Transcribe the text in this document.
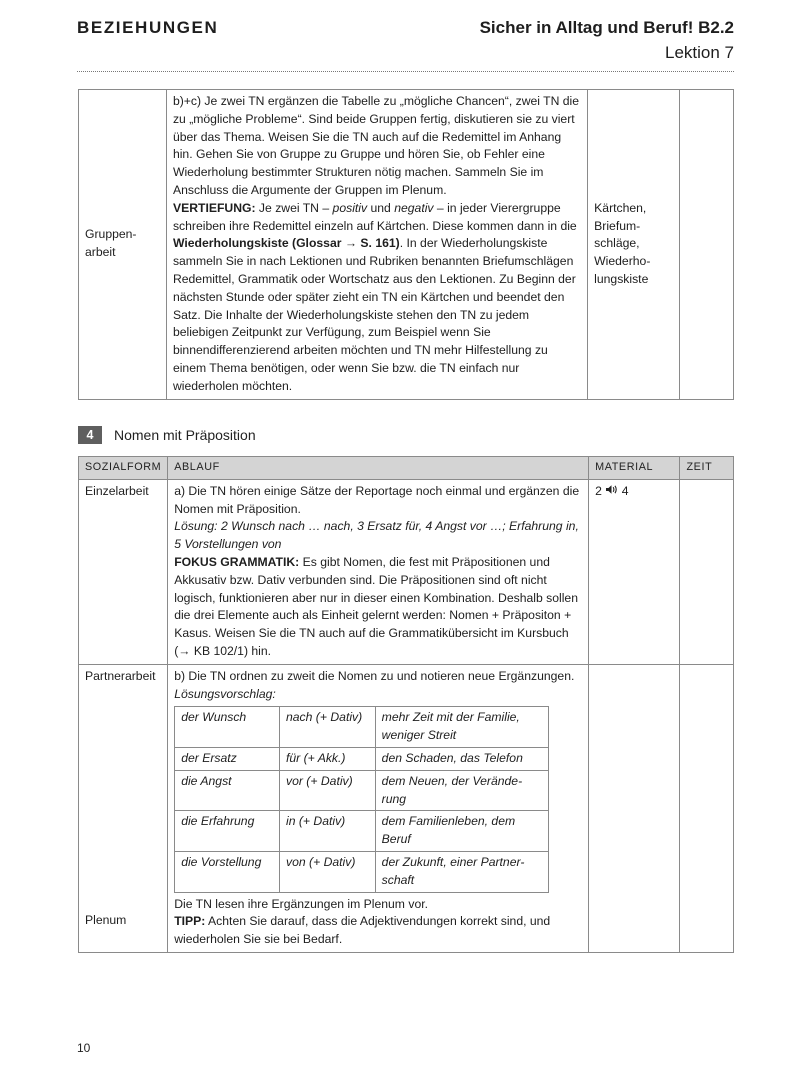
BEZIEHUNGEN	Sicher in Alltag und Beruf! B2.2
Lektion 7
Gruppen-
arbeit	b)+c) Je zwei TN ergänzen die Tabelle zu „mögliche Chancen“, zwei TN die zu „mögliche Probleme“. Sind beide Gruppen fertig, diskutieren sie zu viert über das Thema. Weisen Sie die TN auch auf die Redemittel im Anhang hin. Gehen Sie von Gruppe zu Gruppe und hören Sie, ob Fehler eine Wiederholung bestimmter Strukturen nötig machen. Sammeln Sie im Anschluss die Argumente der Gruppen im Plenum.
VERTIEFUNG: Je zwei TN – positiv und negativ – in jeder Vierergruppe schreiben ihre Redemittel einzeln auf Kärtchen. Diese kommen dann in die Wiederholungskiste (Glossar → S. 161). In der Wiederholungskiste sammeln Sie in nach Lektionen und Rubriken benannten Briefumschlägen Redemittel, Grammatik oder Wortschatz aus den Lektionen. Zu Beginn der nächsten Stunde oder später zieht ein TN ein Kärtchen und beendet den Satz. Die Inhalte der Wiederholungskiste stehen den TN zu jedem beliebigen Zeitpunkt zur Verfügung, zum Beispiel wenn Sie binnendifferenzierend arbeiten möchten und TN mehr Hilfestellung zu einem Thema benötigen, oder wenn Sie bzw. die TN einfach nur wiederholen möchten.	Kärtchen,
Briefum-
schläge,
Wiederho-
lungskiste	
4 Nomen mit Präposition
SOZIALFORM	ABLAUF	MATERIAL	ZEIT
Einzelarbeit	a) Die TN hören einige Sätze der Reportage noch einmal und ergänzen die Nomen mit Präposition.
Lösung: 2 Wunsch nach … nach, 3 Ersatz für, 4 Angst vor …; Erfahrung in, 5 Vorstellungen von
FOKUS GRAMMATIK: Es gibt Nomen, die fest mit Präpositionen und Akkusativ bzw. Dativ verbunden sind. Die Präpositionen sind oft nicht logisch, funktionieren aber nur in dieser einen Kombination. Deshalb sollen die drei Elemente auch als Einheit gelernt werden: Nomen + Präpositon + Kasus. Weisen Sie die TN auch auf die Grammatikübersicht im Kursbuch (→ KB 102/1) hin.	2 4	

Partnerarbeit
Plenum
	b) Die TN ordnen zu zweit die Nomen zu und notieren neue Ergänzungen.
Lösungsvorschlag:
der Wunsch	nach (+ Dativ)	mehr Zeit mit der Familie, weniger Streit
der Ersatz	für (+ Akk.)	den Schaden, das Telefon
die Angst	vor (+ Dativ)	dem Neuen, der Verände-
rung
die Erfahrung	in (+ Dativ)	dem Familienleben, dem Beruf
die Vorstellung	von (+ Dativ)	der Zukunft, einer Partner-
schaft
Die TN lesen ihre Ergänzungen im Plenum vor.
TIPP: Achten Sie darauf, dass die Adjektivendungen korrekt sind, und wiederholen Sie sie bei Bedarf.		
10
